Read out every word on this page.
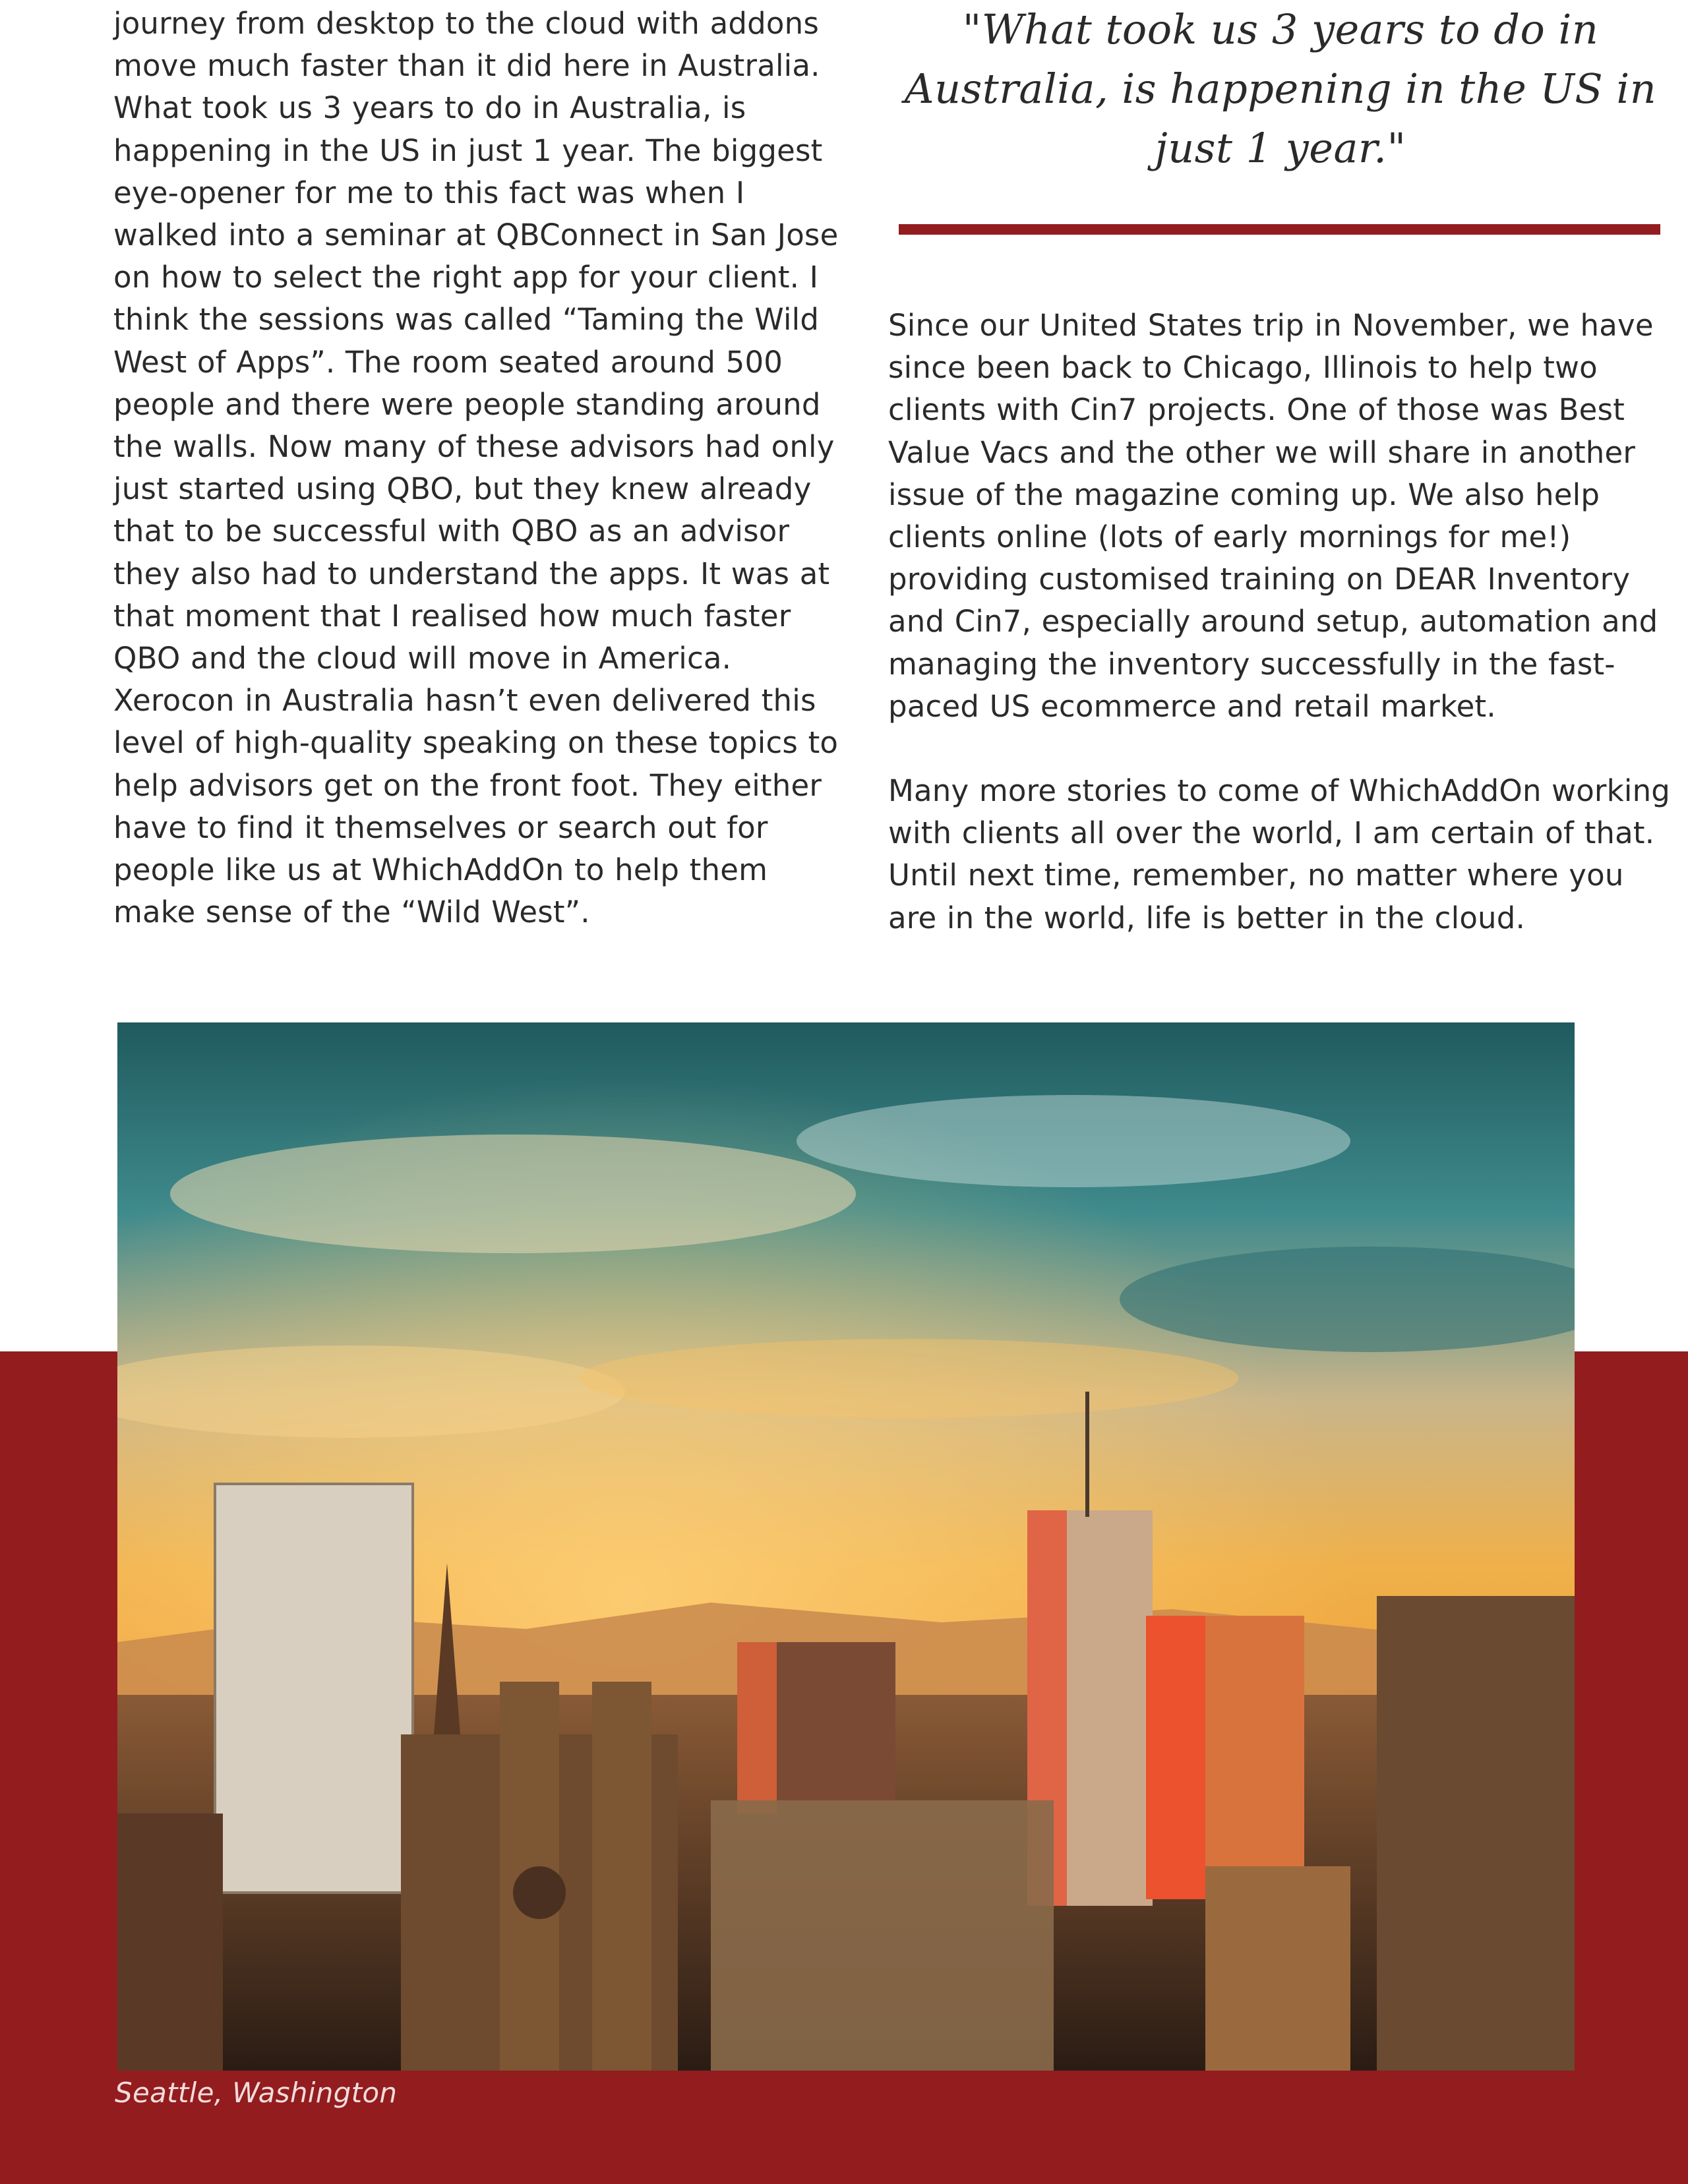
journey from desktop to the cloud with addons move much faster than it did here in Australia. What took us 3 years to do in Australia, is happening in the US in just 1 year. The biggest eye-opener for me to this fact was when I walked into a seminar at QBConnect in San Jose on how to select the right app for your client. I think the sessions was called “Taming the Wild West of Apps”. The room seated around 500 people and there were people standing around the walls. Now many of these advisors had only just started using QBO, but they knew already that to be successful with QBO as an advisor they also had to understand the apps. It was at that moment that I realised how much faster QBO and the cloud will move in America. Xerocon in Australia hasn’t even delivered this level of high-quality speaking on these topics to help advisors get on the front foot. They either have to find it themselves or search out for people like us at WhichAddOn to help them make sense of the “Wild West”.

"What took us 3 years to do in Australia, is happening in the US in just 1 year."

Since our United States trip in November, we have since been back to Chicago, Illinois to help two clients with Cin7 projects. One of those was Best Value Vacs and the other we will share in another issue of the magazine coming up. We also help clients online (lots of early mornings for me!) providing customised training on DEAR Inventory and Cin7, especially around setup, automation and managing the inventory successfully in the fast-paced US ecommerce and retail market.

Many more stories to come of WhichAddOn working with clients all over the world, I am certain of that. Until next time, remember, no matter where you are in the world, life is better in the cloud.

Seattle, Washington
